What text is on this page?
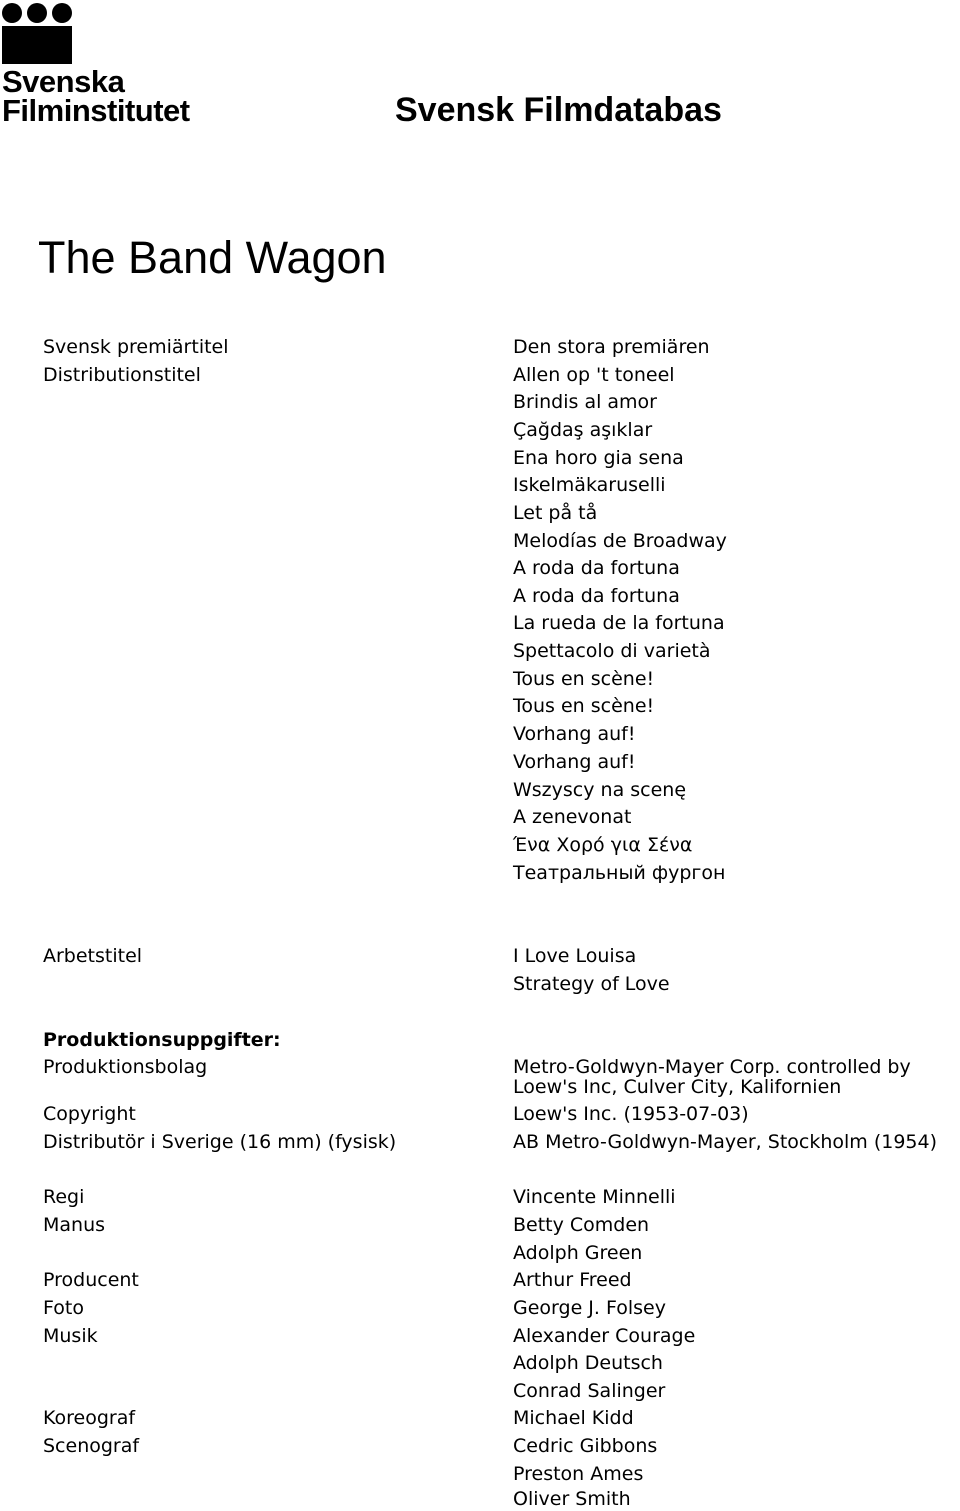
Svenska
Filminstitutet	Svensk Filmdatabas
The Band Wagon
Svensk premiärtitel	Den stora premiären
Distributionstitel	Allen op 't toneel
Brindis al amor
Çağdaş aşıklar
Ena horo gia sena
Iskelmäkaruselli
Let på tå
Melodías de Broadway
A roda da fortuna
A roda da fortuna
La rueda de la fortuna
Spettacolo di varietà
Tous en scène!
Tous en scène!
Vorhang auf!
Vorhang auf!
Wszyscy na scenę
A zenevonat
Ένα Χορό για Σένα
Театральный фургон
Arbetstitel	I Love Louisa
Strategy of Love
Produktionsuppgifter:
Produktionsbolag	Metro-Goldwyn-Mayer Corp. controlled by Loew's Inc, Culver City, Kalifornien
Copyright	Loew's Inc. (1953-07-03)
Distributör i Sverige (16 mm) (fysisk)	AB Metro-Goldwyn-Mayer, Stockholm (1954)
Regi	Vincente Minnelli
Manus	Betty Comden
Adolph Green
Producent	Arthur Freed
Foto	George J. Folsey
Musik	Alexander Courage
Adolph Deutsch
Conrad Salinger
Koreograf	Michael Kidd
Scenograf	Cedric Gibbons
Preston Ames
Oliver Smith
